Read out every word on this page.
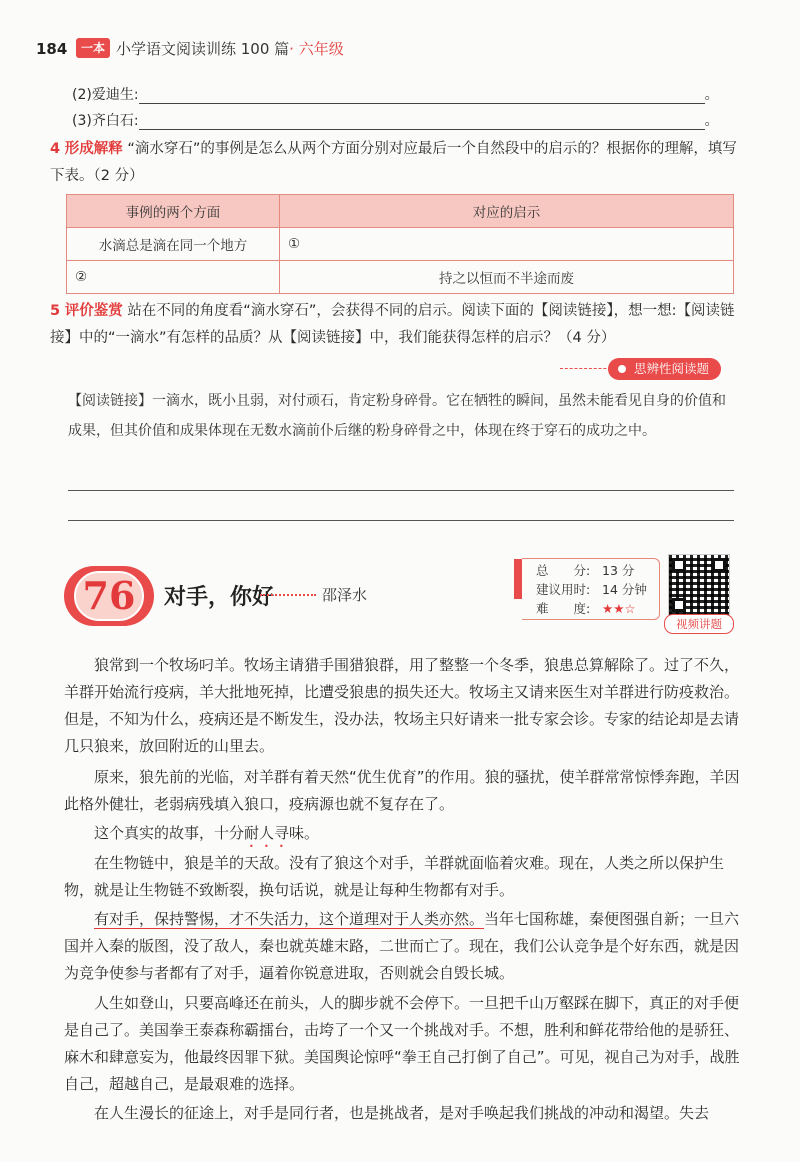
184	一本 小学语文阅读训练 100 篇· 六年级
(2)爱迪生:	。
(3)齐白石:	。
4 形成解释 “滴水穿石”的事例是怎么从两个方面分别对应最后一个自然段中的启示的？根据你的理解，填写下表。（2 分）
事例的两个方面	对应的启示
水滴总是滴在同一个地方	①
②	持之以恒而不半途而废
5 评价鉴赏 站在不同的角度看“滴水穿石”，会获得不同的启示。阅读下面的【阅读链接】，想一想:【阅读链接】中的“一滴水”有怎样的品质？从【阅读链接】中，我们能获得怎样的启示？（4 分）
思辨性阅读题
【阅读链接】一滴水，既小且弱，对付顽石，肯定粉身碎骨。它在牺牲的瞬间，虽然未能看见自身的价值和成果，但其价值和成果体现在无数水滴前仆后继的粉身碎骨之中，体现在终于穿石的成功之中。
76 对手，你好	邵泽水
总　　分: 13 分
建议用时: 14 分钟
难　　度: ★★☆
视频讲题

狼常到一个牧场叼羊。牧场主请猎手围猎狼群，用了整整一个冬季，狼患总算解除了。过了不久，羊群开始流行疫病，羊大批地死掉，比遭受狼患的损失还大。牧场主又请来医生对羊群进行防疫救治。但是，不知为什么，疫病还是不断发生，没办法，牧场主只好请来一批专家会诊。专家的结论却是去请几只狼来，放回附近的山里去。

原来，狼先前的光临，对羊群有着天然“优生优育”的作用。狼的骚扰，使羊群常常惊悸奔跑，羊因此格外健壮，老弱病残填入狼口，疫病源也就不复存在了。

这个真实的故事，十分耐人寻味。

在生物链中，狼是羊的天敌。没有了狼这个对手，羊群就面临着灾难。现在，人类之所以保护生物，就是让生物链不致断裂，换句话说，就是让每种生物都有对手。

有对手，保持警惕，才不失活力，这个道理对于人类亦然。当年七国称雄，秦便图强自新；一旦六国并入秦的版图，没了敌人，秦也就英雄末路，二世而亡了。现在，我们公认竞争是个好东西，就是因为竞争使参与者都有了对手，逼着你锐意进取，否则就会自毁长城。

人生如登山，只要高峰还在前头，人的脚步就不会停下。一旦把千山万壑踩在脚下，真正的对手便是自己了。美国拳王泰森称霸擂台，击垮了一个又一个挑战对手。不想，胜利和鲜花带给他的是骄狂、麻木和肆意妄为，他最终因罪下狱。美国舆论惊呼“拳王自己打倒了自己”。可见，视自己为对手，战胜自己，超越自己，是最艰难的选择。

在人生漫长的征途上，对手是同行者，也是挑战者，是对手唤起我们挑战的冲动和渴望。失去
